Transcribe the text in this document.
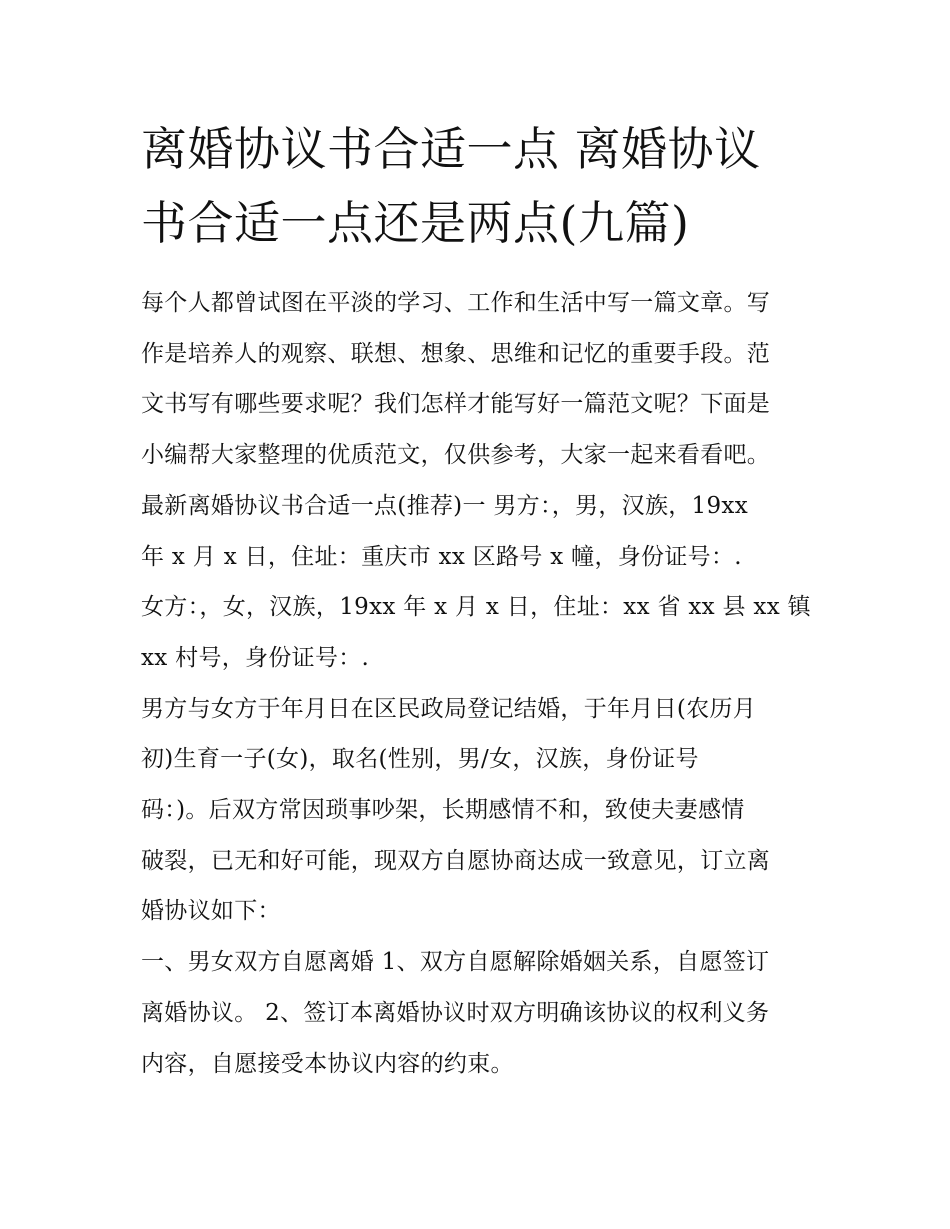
离婚协议书合适一点 离婚协议
书合适一点还是两点(九篇)
每个人都曾试图在平淡的学习、工作和生活中写一篇文章。写
作是培养人的观察、联想、想象、思维和记忆的重要手段。范
文书写有哪些要求呢？我们怎样才能写好一篇范文呢？下面是
小编帮大家整理的优质范文，仅供参考，大家一起来看看吧。
最新离婚协议书合适一点(推荐)一 男方：，男，汉族，19xx
年 x 月 x 日，住址：重庆市 xx 区路号 x 幢，身份证号：.
女方：，女，汉族，19xx 年 x 月 x 日，住址：xx 省 xx 县 xx 镇
xx 村号，身份证号：.
男方与女方于年月日在区民政局登记结婚，于年月日(农历月
初)生育一子(女)，取名(性别，男/女，汉族，身份证号
码：)。后双方常因琐事吵架，长期感情不和，致使夫妻感情
破裂，已无和好可能，现双方自愿协商达成一致意见，订立离
婚协议如下：
一、男女双方自愿离婚 1、双方自愿解除婚姻关系，自愿签订
离婚协议。 2、签订本离婚协议时双方明确该协议的权利义务
内容，自愿接受本协议内容的约束。
